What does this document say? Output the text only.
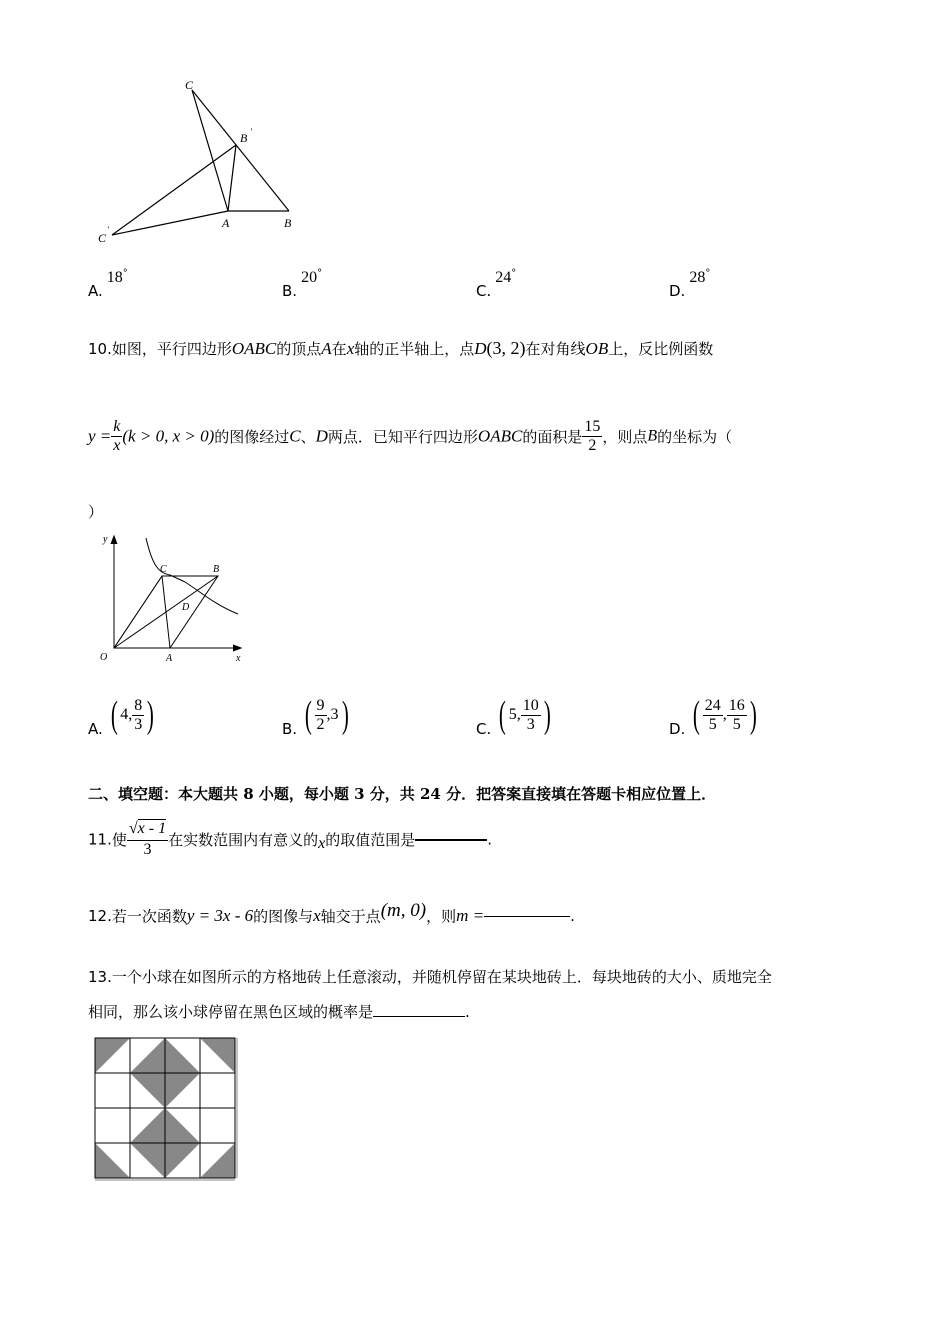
C
B ′
C
′	A	B
A.18°
B.20°
C.24°
D.28°
10.如图，平行四边形OABC的顶点A在x轴的正半轴上，点D(3, 2)在对角线OB上，反比例函数
$y = \frac{k}{x} (k > 0$, x > 0)的图像经过C、D两点．已知平行四边形OABC的面积是 $\frac{15}{2}$ ，则点B的坐标为（
）
y
x
O	A
B
C
D
A. ( 4, $\frac{8}{3}$ )	B. ( $\frac{9}{2} ,3$)	C. ( 5, $\frac{10}{3}$ )	D. ( $\frac{24}{5}$ , $\frac{16}{5}$ )
二、填空题：本大题共 8 小题，每小题 3 分，共 24 分．把答案直接填在答题卡相应位置上．
11.使 $\frac{√x - 1}{3}$ 在实数范围内有意义的x的取值范围是	.
12.若一次函数y = 3x - 6的图像与x轴交于点(m, 0)，则m =	.
13.一个小球在如图所示的方格地砖上任意滚动，并随机停留在某块地砖上．每块地砖的大小、质地完全
相同，那么该小球停留在黑色区域的概率是	.
